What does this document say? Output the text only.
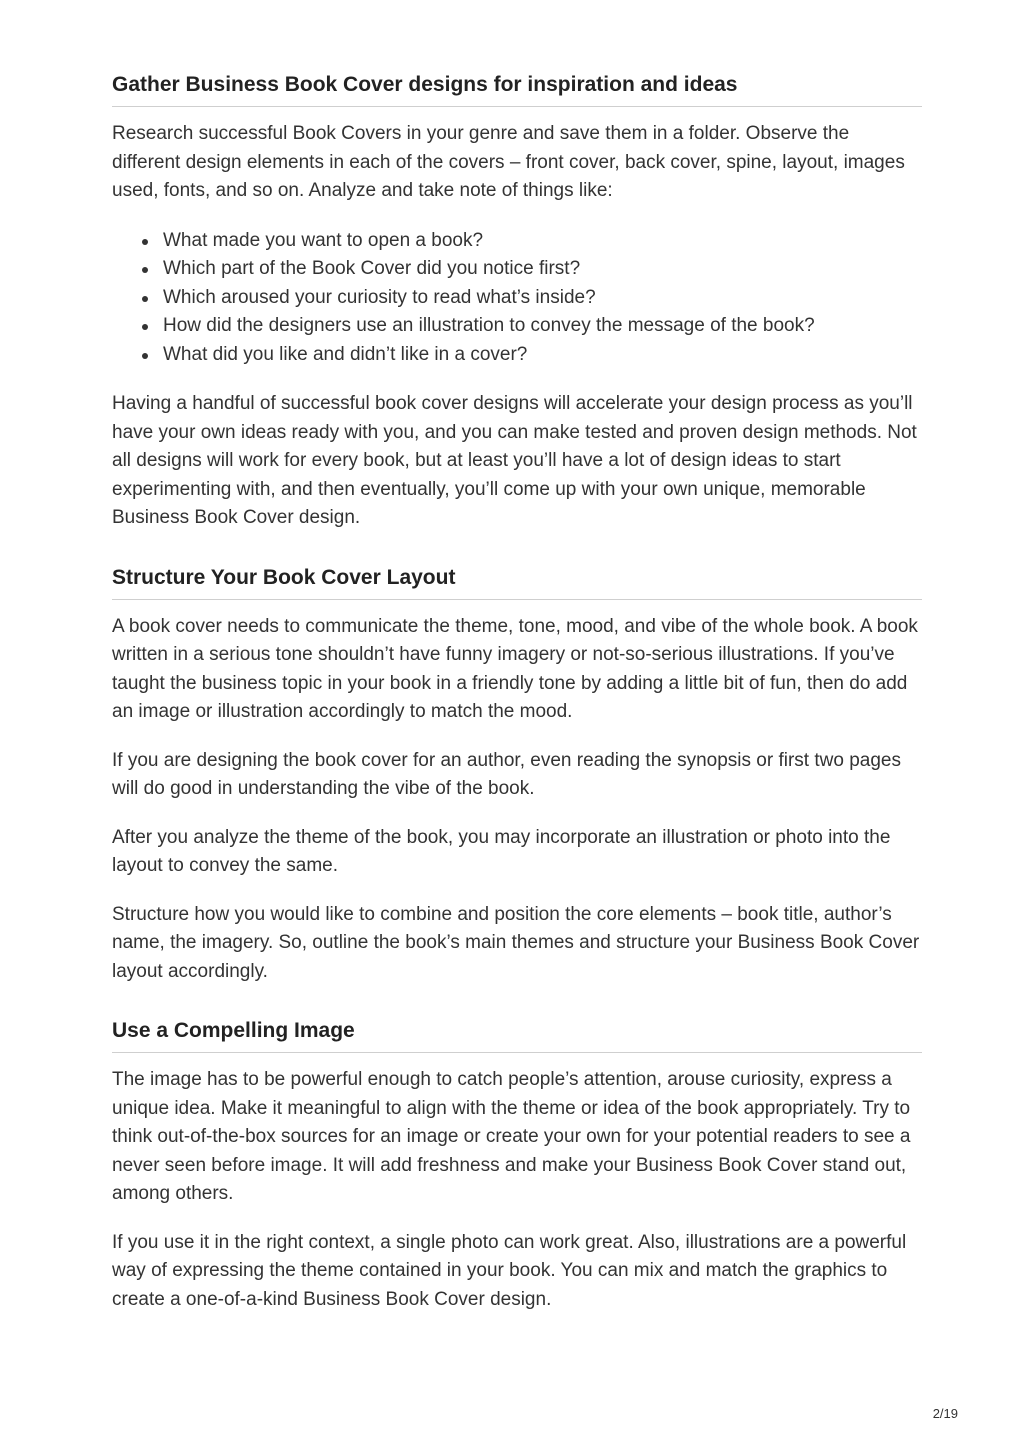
Gather Business Book Cover designs for inspiration and ideas

Research successful Book Covers in your genre and save them in a folder. Observe the different design elements in each of the covers – front cover, back cover, spine, layout, images used, fonts, and so on. Analyze and take note of things like:

What made you want to open a book?
Which part of the Book Cover did you notice first?
Which aroused your curiosity to read what’s inside?
How did the designers use an illustration to convey the message of the book?
What did you like and didn’t like in a cover?

Having a handful of successful book cover designs will accelerate your design process as you’ll have your own ideas ready with you, and you can make tested and proven design methods. Not all designs will work for every book, but at least you’ll have a lot of design ideas to start experimenting with, and then eventually, you’ll come up with your own unique, memorable Business Book Cover design.

Structure Your Book Cover Layout

A book cover needs to communicate the theme, tone, mood, and vibe of the whole book. A book written in a serious tone shouldn’t have funny imagery or not-so-serious illustrations. If you’ve taught the business topic in your book in a friendly tone by adding a little bit of fun, then do add an image or illustration accordingly to match the mood.

If you are designing the book cover for an author, even reading the synopsis or first two pages will do good in understanding the vibe of the book.

After you analyze the theme of the book, you may incorporate an illustration or photo into the layout to convey the same.

Structure how you would like to combine and position the core elements – book title, author’s name, the imagery. So, outline the book’s main themes and structure your Business Book Cover layout accordingly.

Use a Compelling Image

The image has to be powerful enough to catch people’s attention, arouse curiosity, express a unique idea. Make it meaningful to align with the theme or idea of the book appropriately. Try to think out-of-the-box sources for an image or create your own for your potential readers to see a never seen before image. It will add freshness and make your Business Book Cover stand out, among others.

If you use it in the right context, a single photo can work great. Also, illustrations are a powerful way of expressing the theme contained in your book. You can mix and match the graphics to create a one-of-a-kind Business Book Cover design.

2/19
